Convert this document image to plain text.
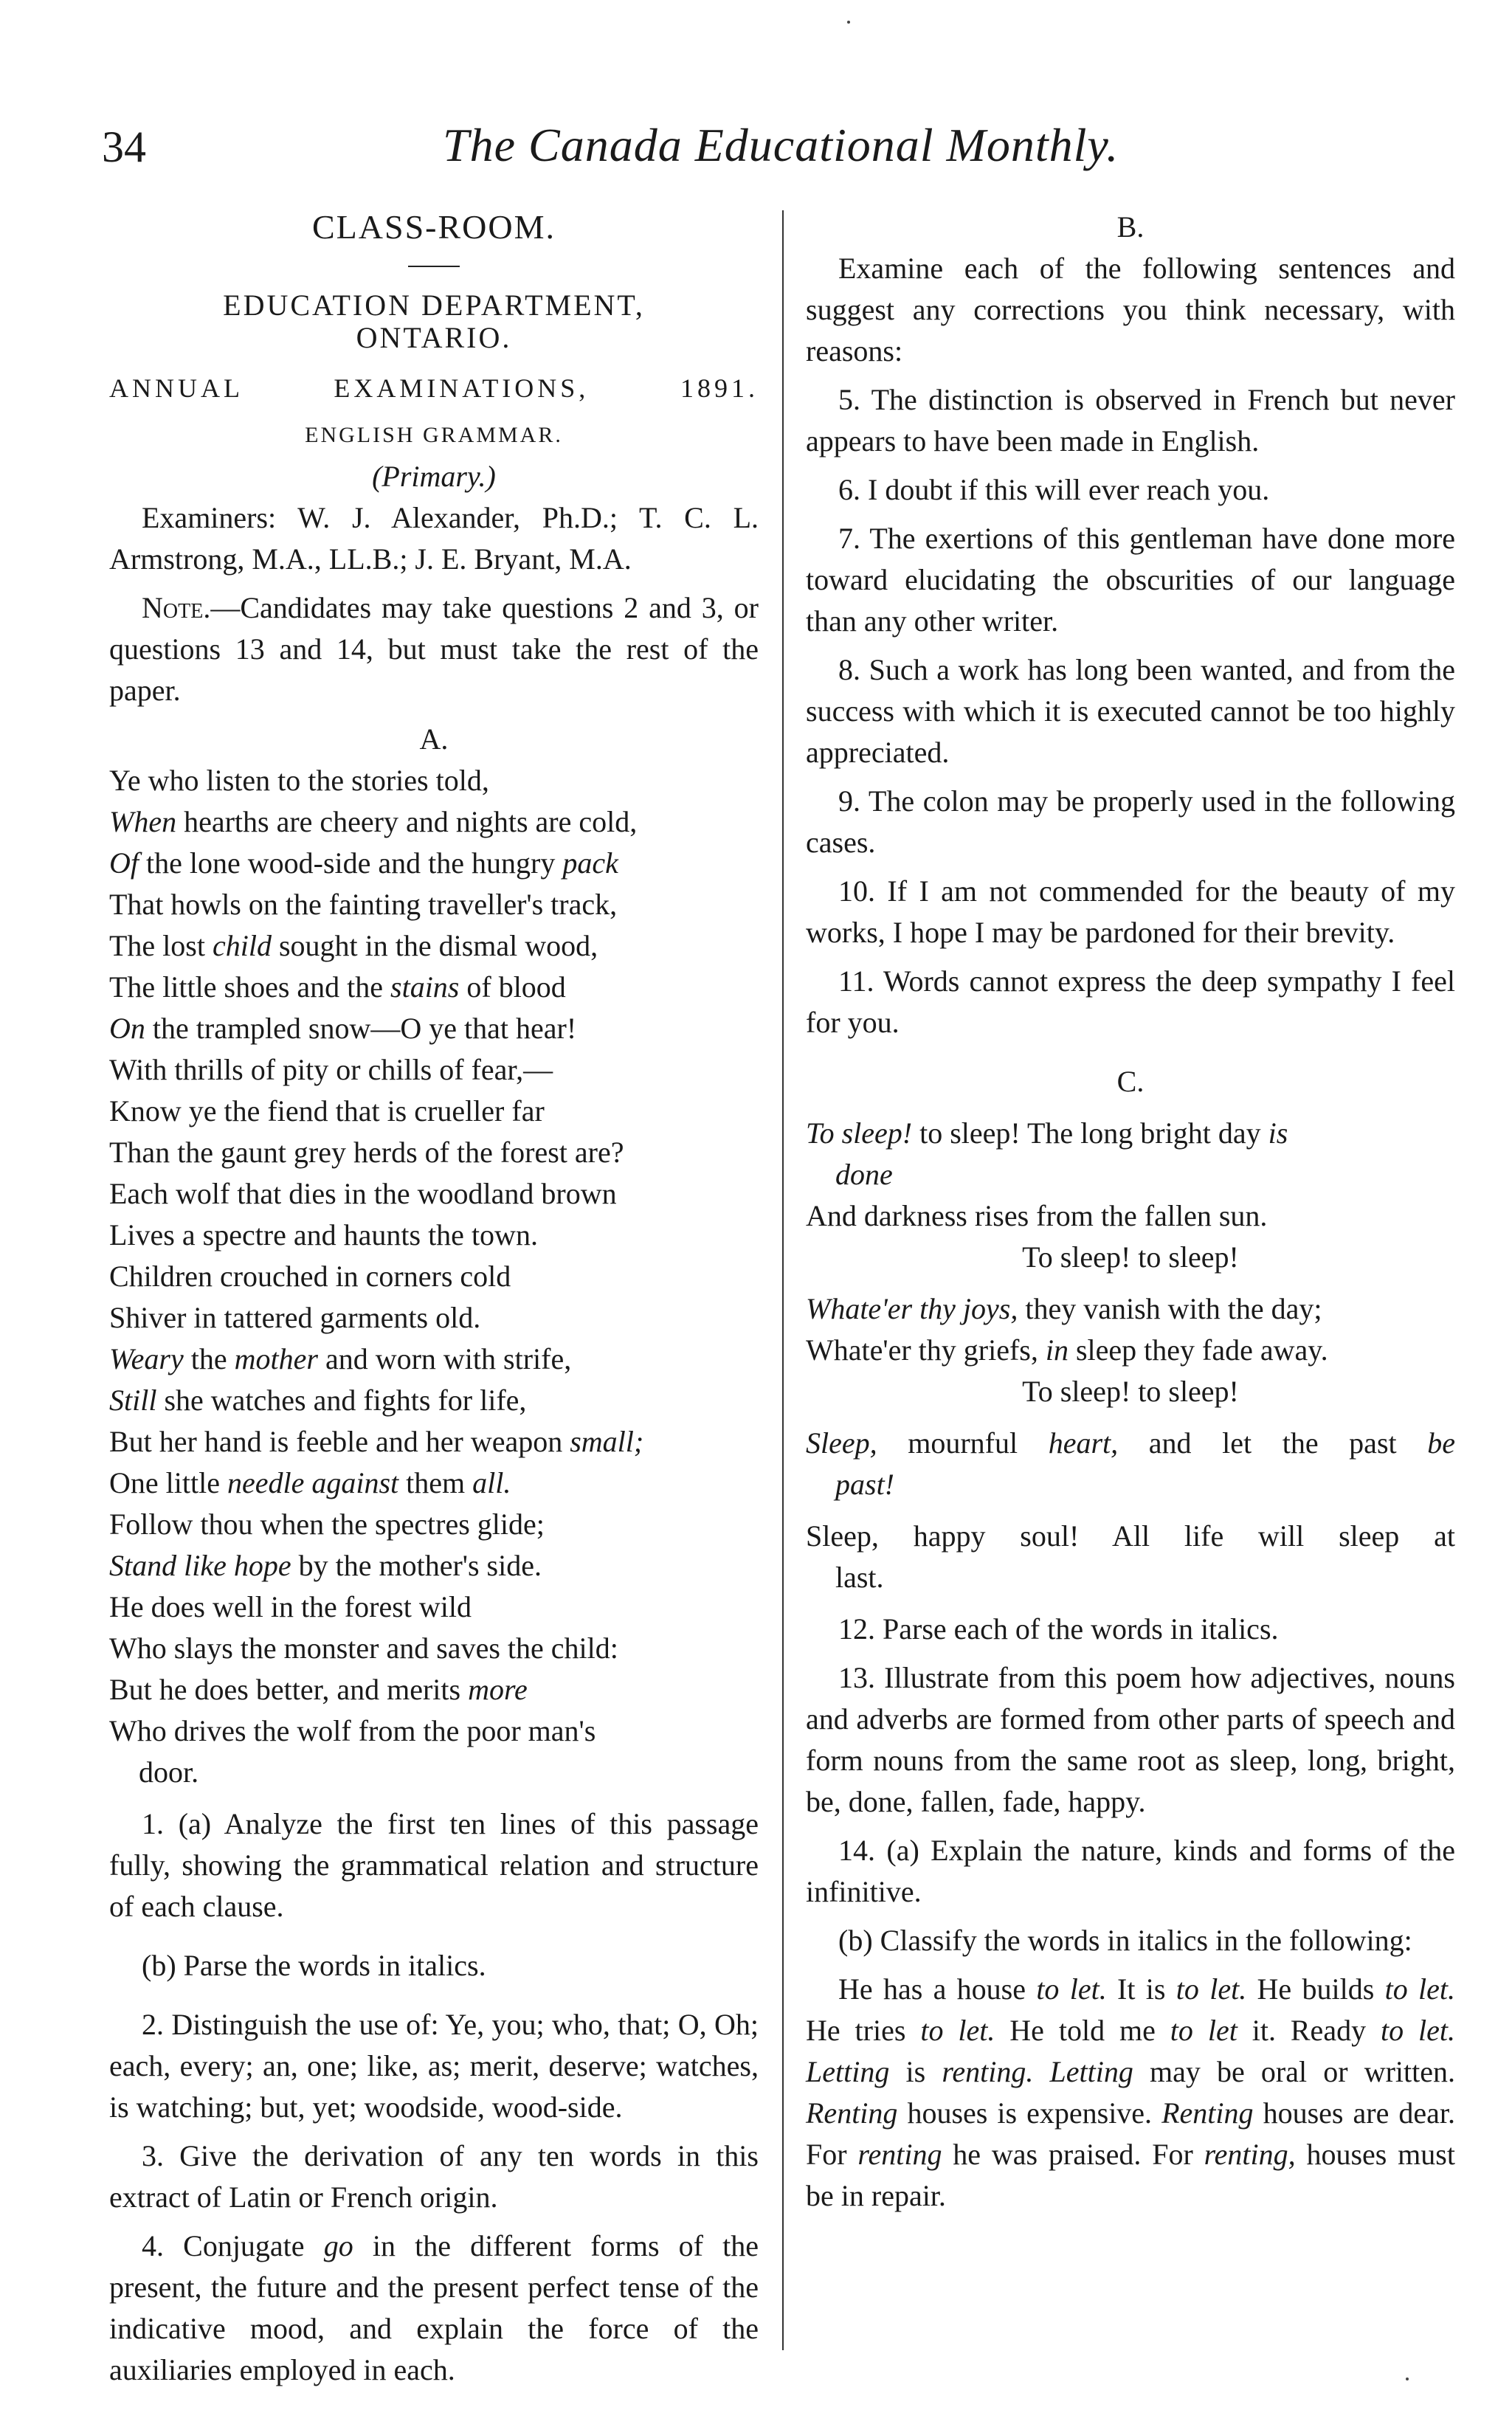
34	The Canada Educational Monthly.
CLASS-ROOM.
EDUCATION DEPARTMENT,
ONTARIO.
ANNUAL EXAMINATIONS, 1891.
ENGLISH GRAMMAR.
(Primary.)
Examiners: W. J. Alexander, Ph.D.; T. C. L. Armstrong, M.A., LL.B.; J. E. Bryant, M.A.
Note.—Candidates may take questions 2 and 3, or questions 13 and 14, but must take the rest of the paper.
A.
Ye who listen to the stories told,
When hearths are cheery and nights are cold,
Of the lone wood-side and the hungry pack
That howls on the fainting traveller's track,
The lost child sought in the dismal wood,
The little shoes and the stains of blood
On the trampled snow—O ye that hear!
With thrills of pity or chills of fear,—
Know ye the fiend that is crueller far
Than the gaunt grey herds of the forest are?
Each wolf that dies in the woodland brown
Lives a spectre and haunts the town.
Children crouched in corners cold
Shiver in tattered garments old.
Weary the mother and worn with strife,
Still she watches and fights for life,
But her hand is feeble and her weapon small;
One little needle against them all.
Follow thou when the spectres glide;
Stand like hope by the mother's side.
He does well in the forest wild
Who slays the monster and saves the child:
But he does better, and merits more
Who drives the wolf from the poor man's
door.
1. (a) Analyze the first ten lines of this passage fully, showing the grammatical relation and structure of each clause.
(b) Parse the words in italics.
2. Distinguish the use of: Ye, you; who, that; O, Oh; each, every; an, one; like, as; merit, deserve; watches, is watching; but, yet; woodside, wood-side.
3. Give the derivation of any ten words in this extract of Latin or French origin.
4. Conjugate go in the different forms of the present, the future and the present perfect tense of the indicative mood, and explain the force of the auxiliaries employed in each.
B.
Examine each of the following sentences and suggest any corrections you think necessary, with reasons:
5. The distinction is observed in French but never appears to have been made in English.
6. I doubt if this will ever reach you.
7. The exertions of this gentleman have done more toward elucidating the obscurities of our language than any other writer.
8. Such a work has long been wanted, and from the success with which it is executed cannot be too highly appreciated.
9. The colon may be properly used in the following cases.
10. If I am not commended for the beauty of my works, I hope I may be pardoned for their brevity.
11. Words cannot express the deep sympathy I feel for you.
C.
To sleep! to sleep! The long bright day is
done
And darkness rises from the fallen sun.
To sleep! to sleep!
Whate'er thy joys, they vanish with the day;
Whate'er thy griefs, in sleep they fade away.
To sleep! to sleep!
Sleep, mournful heart, and let the past be
past!
Sleep, happy soul! All life will sleep at
last.
12. Parse each of the words in italics.
13. Illustrate from this poem how adjectives, nouns and adverbs are formed from other parts of speech and form nouns from the same root as sleep, long, bright, be, done, fallen, fade, happy.
14. (a) Explain the nature, kinds and forms of the infinitive.
(b) Classify the words in italics in the following:
He has a house to let. It is to let. He builds to let. He tries to let. He told me to let it. Ready to let. Letting is renting. Letting may be oral or written. Renting houses is expensive. Renting houses are dear. For renting he was praised. For renting, houses must be in repair.
